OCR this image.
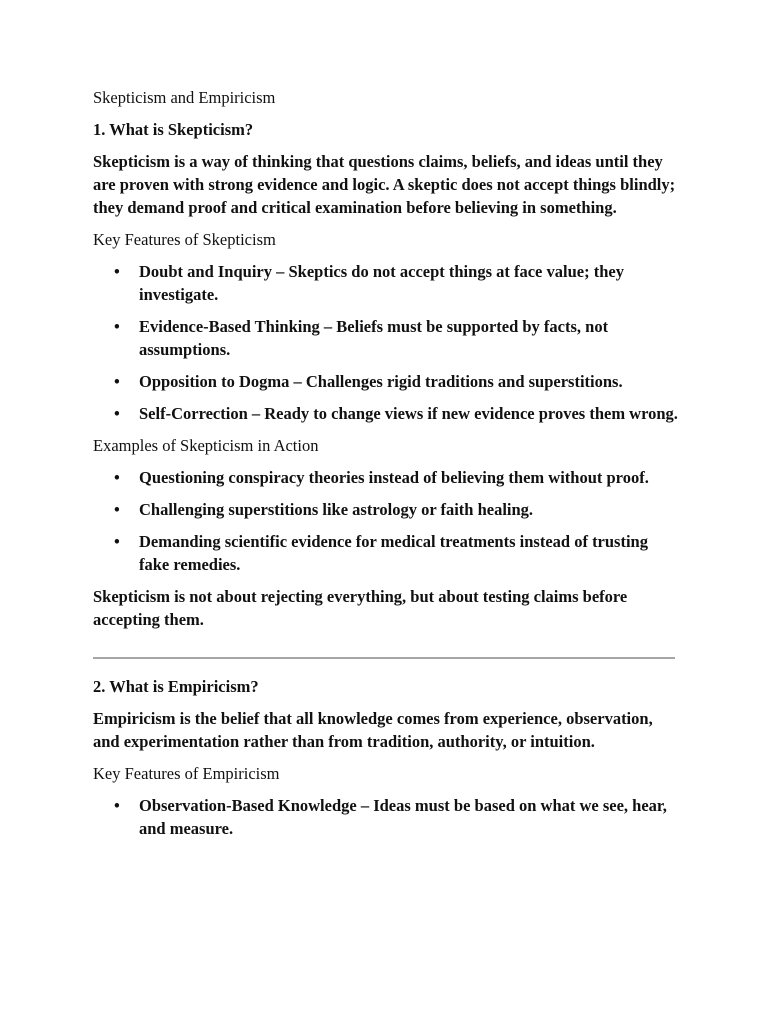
Skepticism and Empiricism

1. What is Skepticism?

Skepticism is a way of thinking that questions claims, beliefs, and ideas until they are proven with strong evidence and logic. A skeptic does not accept things blindly; they demand proof and critical examination before believing in something.

Key Features of Skepticism

• Doubt and Inquiry – Skeptics do not accept things at face value; they investigate.
• Evidence-Based Thinking – Beliefs must be supported by facts, not assumptions.
• Opposition to Dogma – Challenges rigid traditions and superstitions.
• Self-Correction – Ready to change views if new evidence proves them wrong.

Examples of Skepticism in Action

• Questioning conspiracy theories instead of believing them without proof.
• Challenging superstitions like astrology or faith healing.
• Demanding scientific evidence for medical treatments instead of trusting fake remedies.

Skepticism is not about rejecting everything, but about testing claims before accepting them.

2. What is Empiricism?

Empiricism is the belief that all knowledge comes from experience, observation, and experimentation rather than from tradition, authority, or intuition.

Key Features of Empiricism

• Observation-Based Knowledge – Ideas must be based on what we see, hear, and measure.
